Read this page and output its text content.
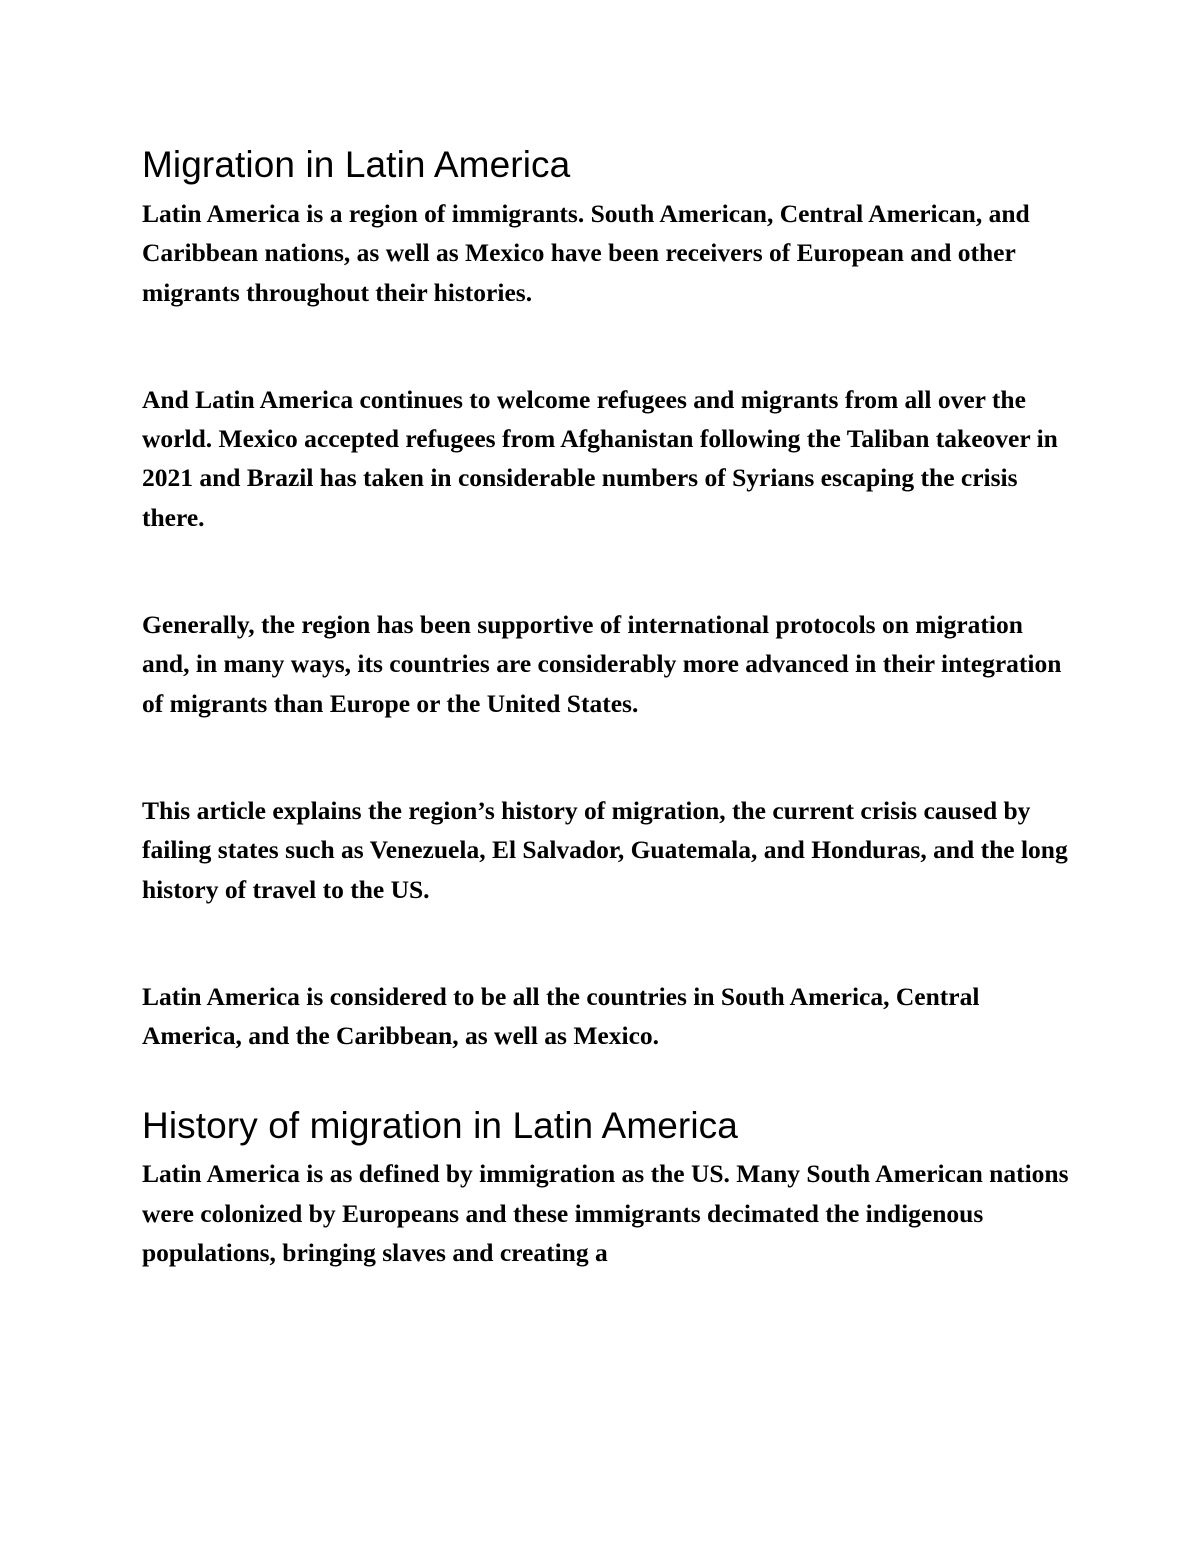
Migration in Latin America

Latin America is a region of immigrants. South American, Central American, and Caribbean nations, as well as Mexico have been receivers of European and other migrants throughout their histories.

And Latin America continues to welcome refugees and migrants from all over the world. Mexico accepted refugees from Afghanistan following the Taliban takeover in 2021 and Brazil has taken in considerable numbers of Syrians escaping the crisis there.

Generally, the region has been supportive of international protocols on migration and, in many ways, its countries are considerably more advanced in their integration of migrants than Europe or the United States.

This article explains the region’s history of migration, the current crisis caused by failing states such as Venezuela, El Salvador, Guatemala, and Honduras, and the long history of travel to the US.

Latin America is considered to be all the countries in South America, Central America, and the Caribbean, as well as Mexico.

History of migration in Latin America

Latin America is as defined by immigration as the US. Many South American nations were colonized by Europeans and these immigrants decimated the indigenous populations, bringing slaves and creating a
